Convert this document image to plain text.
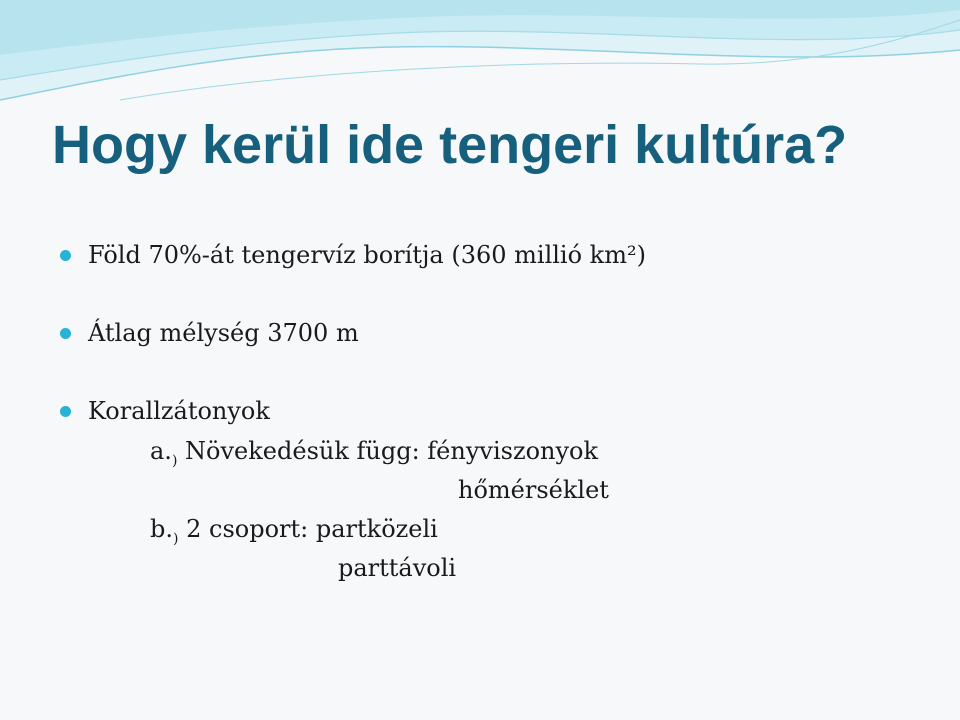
Hogy kerül ide tengeri kultúra?
Föld 70%-át tengervíz borítja (360 millió km²)
Átlag mélység 3700 m
Korallzátonyok
$a._)$ Növekedésük függ: fényviszonyok
hőmérséklet
$b._)$ 2 csoport: partközeli
parttávoli
